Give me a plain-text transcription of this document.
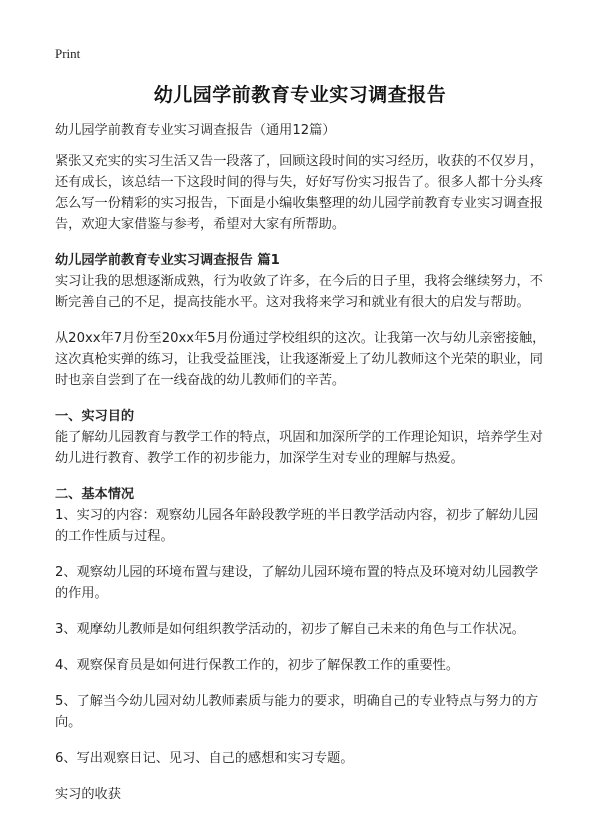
Print
幼儿园学前教育专业实习调查报告

幼儿园学前教育专业实习调查报告（通用12篇）

紧张又充实的实习生活又告一段落了，回顾这段时间的实习经历，收获的不仅岁月，还有成长，该总结一下这段时间的得与失，好好写份实习报告了。很多人都十分头疼怎么写一份精彩的实习报告，下面是小编收集整理的幼儿园学前教育专业实习调查报告，欢迎大家借鉴与参考，希望对大家有所帮助。

幼儿园学前教育专业实习调查报告 篇1

实习让我的思想逐渐成熟，行为收敛了许多，在今后的日子里，我将会继续努力，不断完善自己的不足，提高技能水平。这对我将来学习和就业有很大的启发与帮助。

从20xx年7月份至20xx年5月份通过学校组织的这次。让我第一次与幼儿亲密接触，这次真枪实弹的练习，让我受益匪浅，让我逐渐爱上了幼儿教师这个光荣的职业，同时也亲自尝到了在一线奋战的幼儿教师们的辛苦。

一、实习目的

能了解幼儿园教育与教学工作的特点，巩固和加深所学的工作理论知识，培养学生对幼儿进行教育、教学工作的初步能力，加深学生对专业的理解与热爱。

二、基本情况

1、实习的内容：观察幼儿园各年龄段教学班的半日教学活动内容，初步了解幼儿园的工作性质与过程。

2、观察幼儿园的环境布置与建设，了解幼儿园环境布置的特点及环境对幼儿园教学的作用。

3、观摩幼儿教师是如何组织教学活动的，初步了解自己未来的角色与工作状况。

4、观察保育员是如何进行保教工作的，初步了解保教工作的重要性。

5、了解当今幼儿园对幼儿教师素质与能力的要求，明确自己的专业特点与努力的方向。

6、写出观察日记、见习、自己的感想和实习专题。

实习的收获
